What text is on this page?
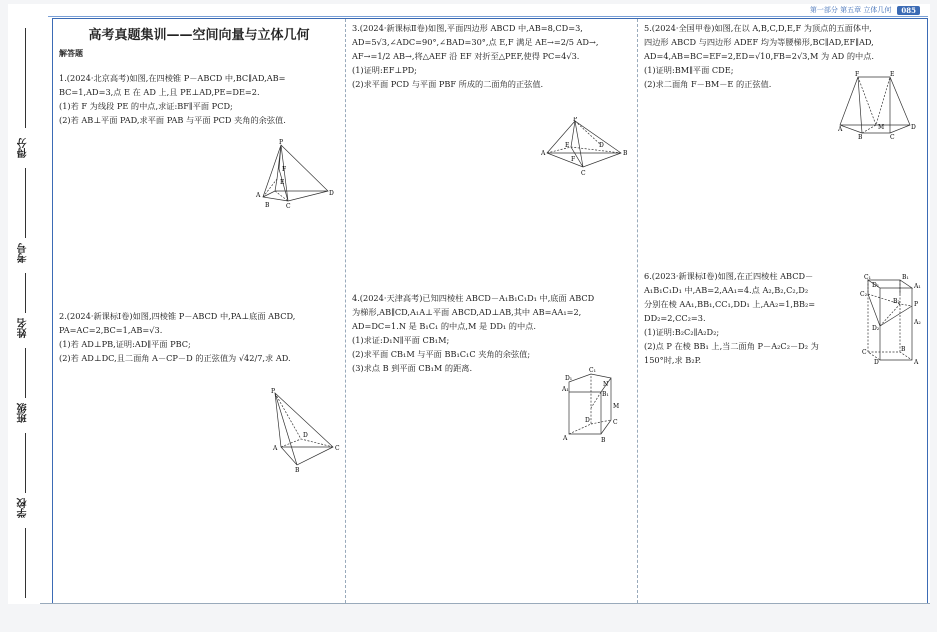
第一部分 第五章 立体几何	085
得分
考号
姓名
班级
学校
高考真题集训——空间向量与立体几何
解答题

1.(2024·北京高考)如图,在四棱锥 P－ABCD 中,BC∥AD,AB=

BC=1,AD=3,点 E 在 AD 上,且 PE⊥AD,PE=DE=2.

(1)若 F 为线段 PE 的中点,求证:BF∥平面 PCD;

(2)若 AB⊥平面 PAD,求平面 PAB 与平面 PCD 夹角的余弦值.

P
F
E
A
B	C
D

2.(2024·新课标Ⅰ卷)如图,四棱锥 P－ABCD 中,PA⊥底面 ABCD,

PA=AC=2,BC=1,AB=√3.

(1)若 AD⊥PB,证明:AD∥平面 PBC;

(2)若 AD⊥DC,且二面角 A－CP－D 的正弦值为 √42/7,求 AD.

P
D
A	C
B

3.(2024·新课标Ⅱ卷)如图,平面四边形 ABCD 中,AB=8,CD=3,

AD=5√3,∠ADC=90°,∠BAD=30°,点 E,F 满足 AE→=2/5 AD→,

AF→=1/2 AB→,将△AEF 沿 EF 对折至△PEF,使得 PC=4√3.

(1)证明:EF⊥PD;

(2)求平面 PCD 与平面 PBF 所成的二面角的正弦值.

P
A
E
F
D
C
B

4.(2024·天津高考)已知四棱柱 ABCD－A₁B₁C₁D₁ 中,底面 ABCD

为梯形,AB∥CD,A₁A⊥平面 ABCD,AD⊥AB,其中 AB=AA₁=2,

AD=DC=1.N 是 B₁C₁ 的中点,M 是 DD₁ 的中点.

(1)求证:D₁N∥平面 CB₁M;

(2)求平面 CB₁M 与平面 BB₁C₁C 夹角的余弦值;

(3)求点 B 到平面 CB₁M 的距离.

D₁
C₁
A₁
N
B₁
M
D	C
A	B

5.(2024·全国甲卷)如图,在以 A,B,C,D,E,F 为顶点的五面体中,

四边形 ABCD 与四边形 ADEF 均为等腰梯形,BC∥AD,EF∥AD,

AD=4,AB=BC=EF=2,ED=√10,FB=2√3,M 为 AD 的中点.

(1)证明:BM∥平面 CDE;

(2)求二面角 F－BM－E 的正弦值.

F	E
A	D
M
B	C

6.(2023·新课标Ⅰ卷)如图,在正四棱柱 ABCD－

A₁B₁C₁D₁ 中,AB=2,AA₁=4.点 A₂,B₂,C₂,D₂

分别在棱 AA₁,BB₁,CC₁,DD₁ 上,AA₂=1,BB₂=

DD₂=2,CC₂=3.

(1)证明:B₂C₂∥A₂D₂;

(2)点 P 在棱 BB₁ 上,当二面角 P－A₂C₂－D₂ 为

150°时,求 B₂P.

C₁	B₁
D₁	A₁
C₂
B₂ P
D₂
A₂
C	B
D	A
